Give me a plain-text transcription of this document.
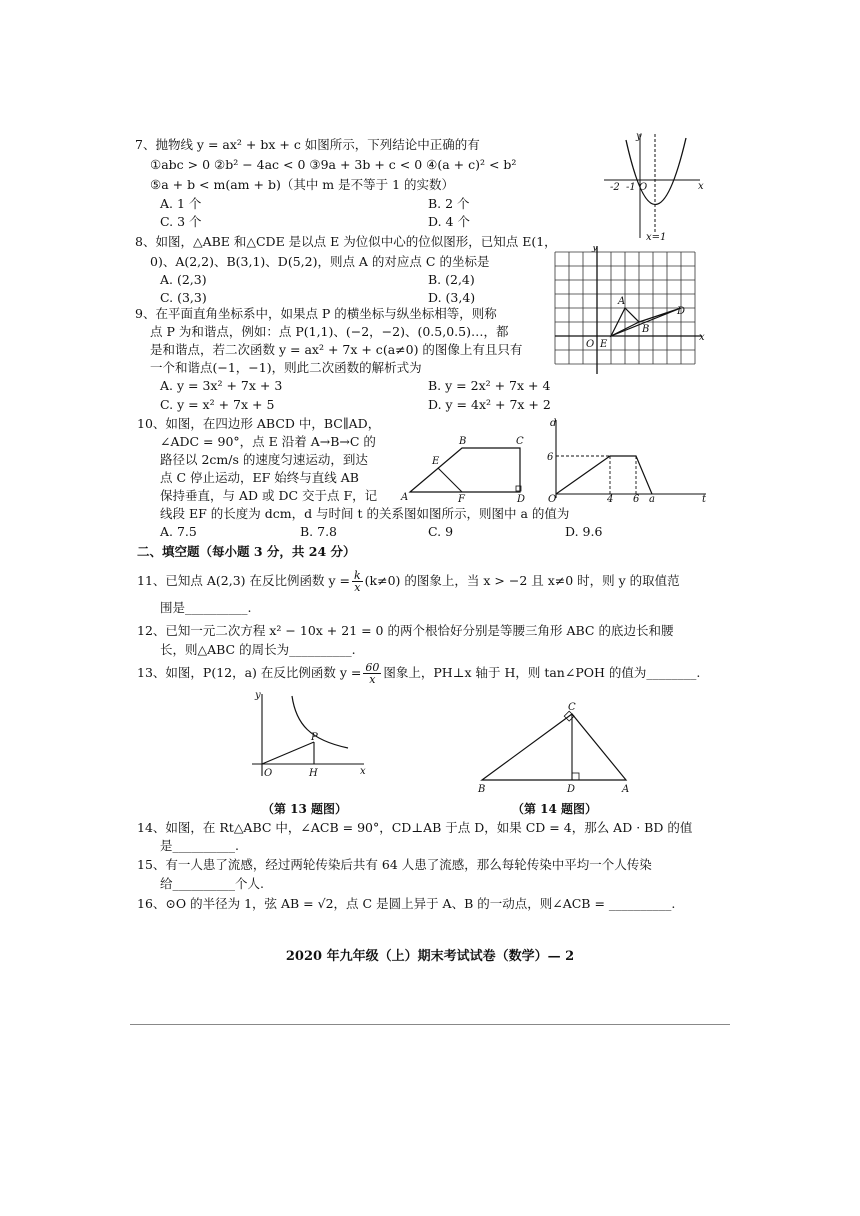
7、抛物线 y = ax² + bx + c 如图所示，下列结论中正确的有
①abc > 0 ②b² − 4ac < 0 ③9a + 3b + c < 0 ④(a + c)² < b²
⑤a + b < m(am + b)（其中 m 是不等于 1 的实数）
A. 1 个	B. 2 个
C. 3 个	D. 4 个
y
x
-2 -1 O
x=1
8、如图，△ABE 和△CDE 是以点 E 为位似中心的位似图形，已知点 E(1，
0)、A(2,2)、B(3,1)、D(5,2)，则点 A 的对应点 C 的坐标是
A. (2,3)	B. (2,4)
C. (3,3)	D. (3,4)
y
x
O
A
B
D
E
9、在平面直角坐标系中，如果点 P 的横坐标与纵坐标相等，则称
点 P 为和谐点，例如：点 P(1,1)、(−2，−2)、(0.5,0.5)…，都
是和谐点，若二次函数 y = ax² + 7x + c(a≠0) 的图像上有且只有
一个和谐点(−1，−1)，则此二次函数的解析式为
A. y = 3x² + 7x + 3	B. y = 2x² + 7x + 4
C. y = x² + 7x + 5	D. y = 4x² + 7x + 2
10、如图，在四边形 ABCD 中，BC∥AD，
∠ADC = 90°，点 E 沿着 A→B→C 的
路径以 2cm/s 的速度匀速运动，到达
点 C 停止运动，EF 始终与直线 AB
保持垂直，与 AD 或 DC 交于点 F，记
线段 EF 的长度为 dcm，d 与时间 t 的关系图如图所示，则图中 a 的值为
A. 7.5	B. 7.8	C. 9	D. 9.6
A
B	C
D
E
F
d
t
O
6
4 6 a
二、填空题（每小题 3 分，共 24 分）
11、已知点 A(2,3) 在反比例函数 $y = \frac{k}{x} (k\ne 0)$ 的图象上，当 x > −2 且 x≠0 时，则 y 的取值范
围是__________.
12、已知一元二次方程 x² − 10x + 21 = 0 的两个根恰好分别是等腰三角形 ABC 的底边长和腰
长，则△ABC 的周长为__________.
13、如图，P(12，a) 在反比例函数 $y = \frac{60}{x}$ 图象上，PH⊥x 轴于 H，则 tan∠POH 的值为________.
y
x
O
P
H
（第 13 题图）
C
B	D	A
（第 14 题图）
14、如图，在 Rt△ABC 中，∠ACB = 90°，CD⊥AB 于点 D，如果 CD = 4，那么 AD · BD 的值
是__________.
15、有一人患了流感，经过两轮传染后共有 64 人患了流感，那么每轮传染中平均一个人传染
给__________个人.
16、⊙O 的半径为 1，弦 AB = √2，点 C 是圆上异于 A、B 的一动点，则∠ACB = __________.
2020 年九年级（上）期末考试试卷（数学）— 2
